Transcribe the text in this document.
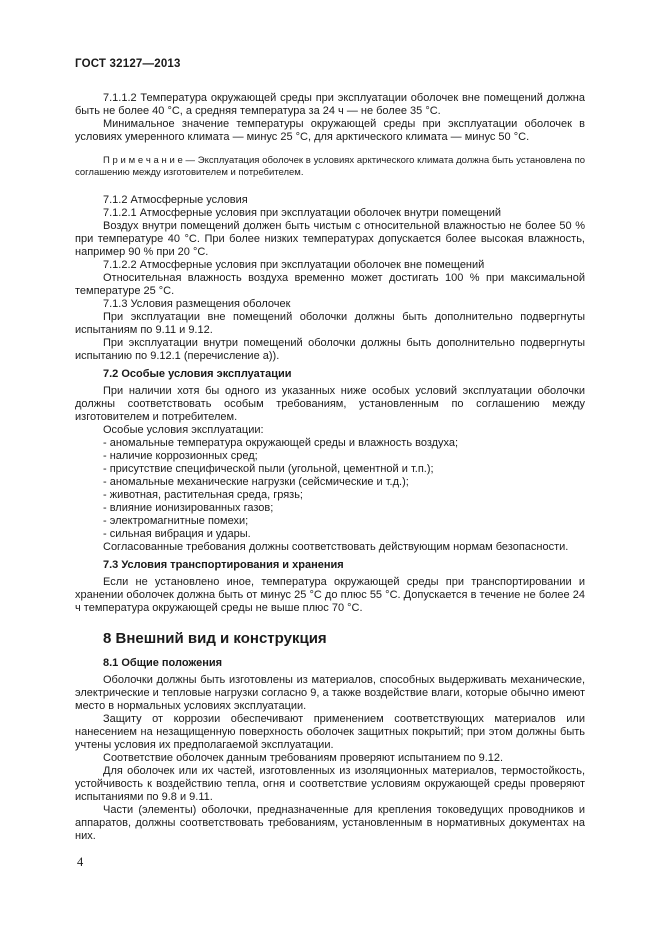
ГОСТ 32127—2013

7.1.1.2 Температура окружающей среды при эксплуатации оболочек вне помещений должна быть не более 40 °С, а средняя температура за 24 ч — не более 35 °С.

Минимальное значение температуры окружающей среды при эксплуатации оболочек в условиях умеренного климата — минус 25 °С, для арктического климата — минус 50 °С.

П р и м е ч а н и е — Эксплуатация оболочек в условиях арктического климата должна быть установлена по соглашению между изготовителем и потребителем.

7.1.2 Атмосферные условия

7.1.2.1 Атмосферные условия при эксплуатации оболочек внутри помещений

Воздух внутри помещений должен быть чистым с относительной влажностью не более 50 % при температуре 40 °С. При более низких температурах допускается более высокая влажность, например 90 % при 20 °С.

7.1.2.2 Атмосферные условия при эксплуатации оболочек вне помещений

Относительная влажность воздуха временно может достигать 100 % при максимальной температуре 25 °С.

7.1.3 Условия размещения оболочек

При эксплуатации вне помещений оболочки должны быть дополнительно подвергнуты испытаниям по 9.11 и 9.12.

При эксплуатации внутри помещений оболочки должны быть дополнительно подвергнуты испытанию по 9.12.1 (перечисление а)).

7.2 Особые условия эксплуатации

При наличии хотя бы одного из указанных ниже особых условий эксплуатации оболочки должны соответствовать особым требованиям, установленным по соглашению между изготовителем и потребителем.

Особые условия эксплуатации:

- аномальные температура окружающей среды и влажность воздуха;

- наличие коррозионных сред;

- присутствие специфической пыли (угольной, цементной и т.п.);

- аномальные механические нагрузки (сейсмические и т.д.);

- животная, растительная среда, грязь;

- влияние ионизированных газов;

- электромагнитные помехи;

- сильная вибрация и удары.

Согласованные требования должны соответствовать действующим нормам безопасности.

7.3 Условия транспортирования и хранения

Если не установлено иное, температура окружающей среды при транспортировании и хранении оболочек должна быть от минус 25 °С до плюс 55 °С. Допускается в течение не более 24 ч температура окружающей среды не выше плюс 70 °С.

8 Внешний вид и конструкция

8.1 Общие положения

Оболочки должны быть изготовлены из материалов, способных выдерживать механические, электрические и тепловые нагрузки согласно 9, а также воздействие влаги, которые обычно имеют место в нормальных условиях эксплуатации.

Защиту от коррозии обеспечивают применением соответствующих материалов или нанесением на незащищенную поверхность оболочек защитных покрытий; при этом должны быть учтены условия их предполагаемой эксплуатации.

Соответствие оболочек данным требованиям проверяют испытанием по 9.12.

Для оболочек или их частей, изготовленных из изоляционных материалов, термостойкость, устойчивость к воздействию тепла, огня и соответствие условиям окружающей среды проверяют испытаниями по 9.8 и 9.11.

Части (элементы) оболочки, предназначенные для крепления токоведущих проводников и аппаратов, должны соответствовать требованиям, установленным в нормативных документах на них.

4
